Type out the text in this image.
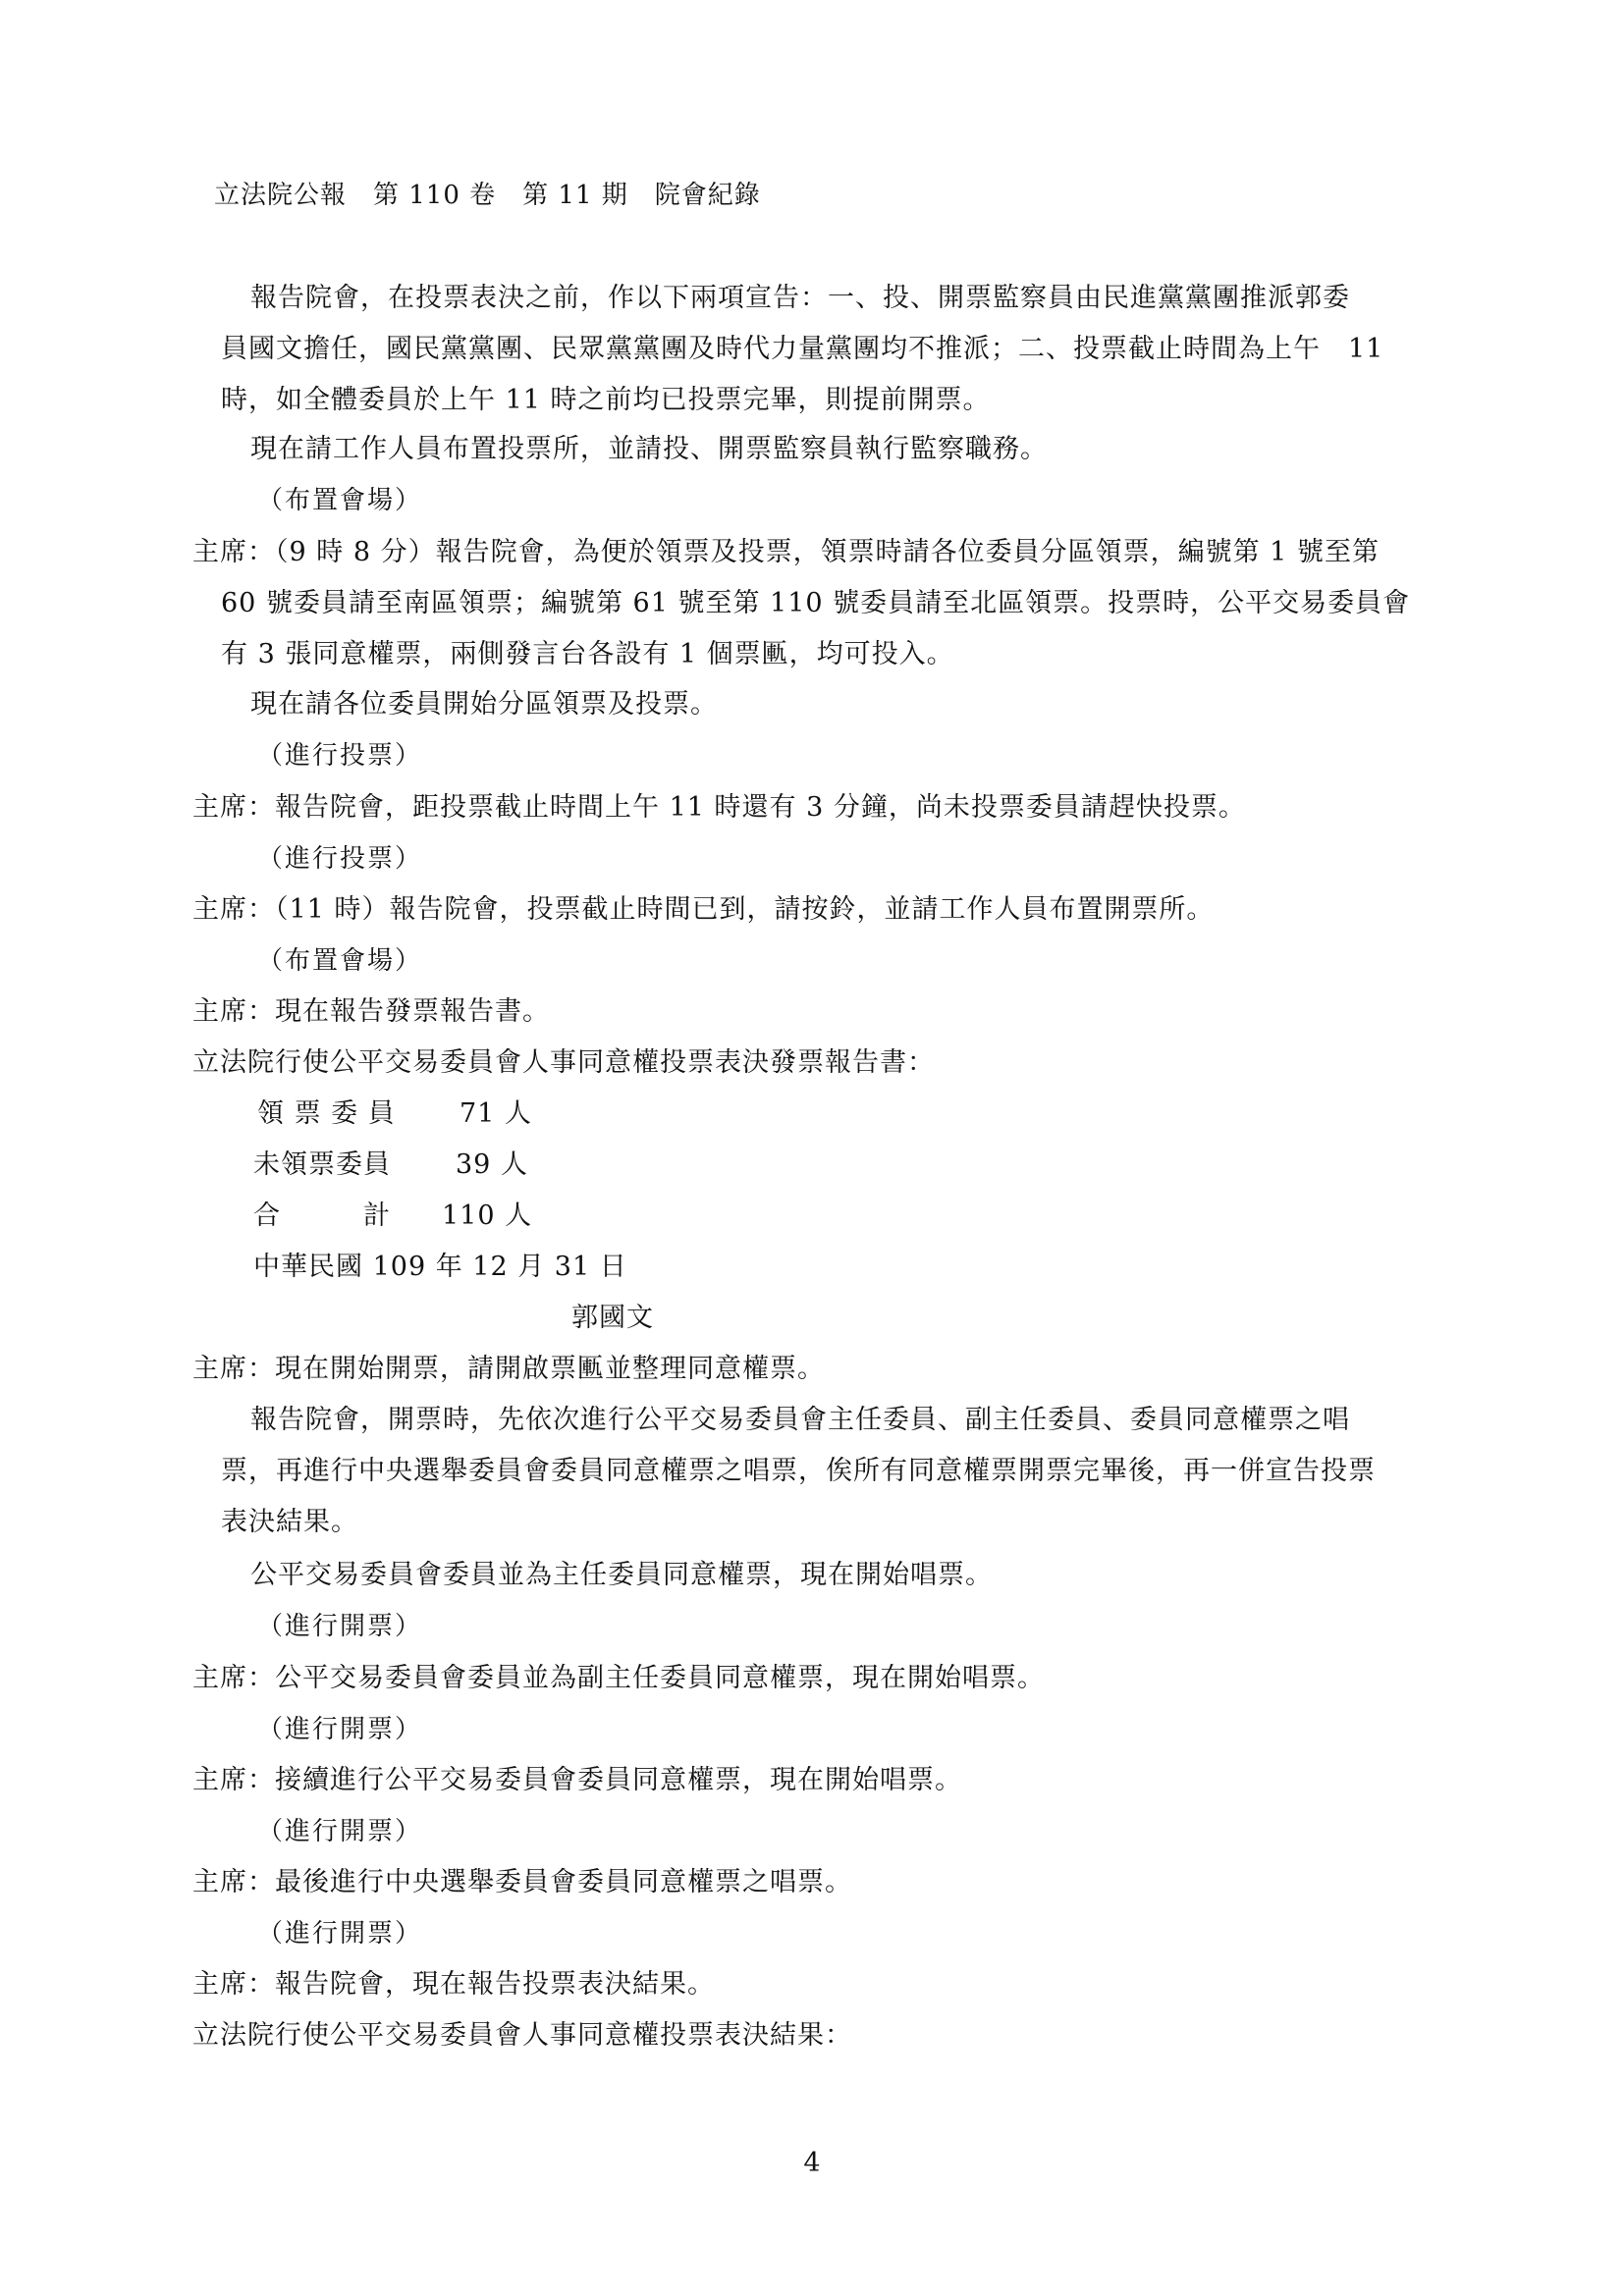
立法院公報　第 110 卷　第 11 期　院會紀錄
報告院會，在投票表決之前，作以下兩項宣告：一、投、開票監察員由民進黨黨團推派郭委
員國文擔任，國民黨黨團、民眾黨黨團及時代力量黨團均不推派；二、投票截止時間為上午　11
時，如全體委員於上午 11 時之前均已投票完畢，則提前開票。
現在請工作人員布置投票所，並請投、開票監察員執行監察職務。
（布置會場）
主席：（9 時 8 分）報告院會，為便於領票及投票，領票時請各位委員分區領票，編號第 1 號至第
60 號委員請至南區領票；編號第 61 號至第 110 號委員請至北區領票。投票時，公平交易委員會
有 3 張同意權票，兩側發言台各設有 1 個票匭，均可投入。
現在請各位委員開始分區領票及投票。
（進行投票）
主席：報告院會，距投票截止時間上午 11 時還有 3 分鐘，尚未投票委員請趕快投票。
（進行投票）
主席：（11 時）報告院會，投票截止時間已到，請按鈴，並請工作人員布置開票所。
（布置會場）
主席：現在報告發票報告書。
立法院行使公平交易委員會人事同意權投票表決發票報告書：
領 票 委 員 71 人
未領票委員 39 人
合　　　計 110 人
中華民國 109 年 12 月 31 日
郭國文
主席：現在開始開票，請開啟票匭並整理同意權票。
報告院會，開票時，先依次進行公平交易委員會主任委員、副主任委員、委員同意權票之唱
票，再進行中央選舉委員會委員同意權票之唱票，俟所有同意權票開票完畢後，再一併宣告投票
表決結果。
公平交易委員會委員並為主任委員同意權票，現在開始唱票。
（進行開票）
主席：公平交易委員會委員並為副主任委員同意權票，現在開始唱票。
（進行開票）
主席：接續進行公平交易委員會委員同意權票，現在開始唱票。
（進行開票）
主席：最後進行中央選舉委員會委員同意權票之唱票。
（進行開票）
主席：報告院會，現在報告投票表決結果。
立法院行使公平交易委員會人事同意權投票表決結果：
4
